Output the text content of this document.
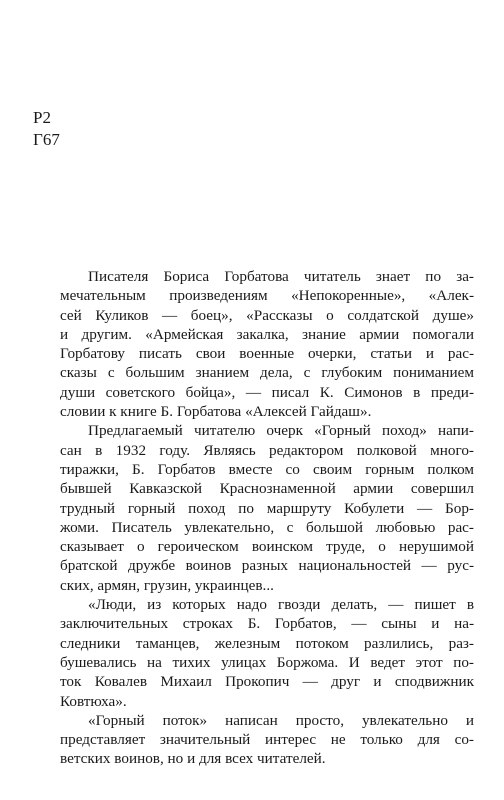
Р2
Г67

Писателя Бориса Горбатова читатель знает по за-
мечательным произведениям «Непокоренные», «Алек-
сей Куликов — боец», «Рассказы о солдатской душе»
и другим. «Армейская закалка, знание армии помогали
Горбатову писать свои военные очерки, статьи и рас-
сказы с большим знанием дела, с глубоким пониманием
души советского бойца», — писал К. Симонов в преди-
словии к книге Б. Горбатова «Алексей Гайдаш».

Предлагаемый читателю очерк «Горный поход» напи-
сан в 1932 году. Являясь редактором полковой много-
тиражки, Б. Горбатов вместе со своим горным полком
бывшей Кавказской Краснознаменной армии совершил
трудный горный поход по маршруту Кобулети — Бор-
жоми. Писатель увлекательно, с большой любовью рас-
сказывает о героическом воинском труде, о нерушимой
братской дружбе воинов разных национальностей — рус-
ских, армян, грузин, украинцев...

«Люди, из которых надо гвозди делать, — пишет в
заключительных строках Б. Горбатов, — сыны и на-
следники таманцев, железным потоком разлились, раз-
бушевались на тихих улицах Боржома. И ведет этот по-
ток Ковалев Михаил Прокопич — друг и сподвижник
Ковтюха».

«Горный поток» написан просто, увлекательно и
представляет значительный интерес не только для со-
ветских воинов, но и для всех читателей.
